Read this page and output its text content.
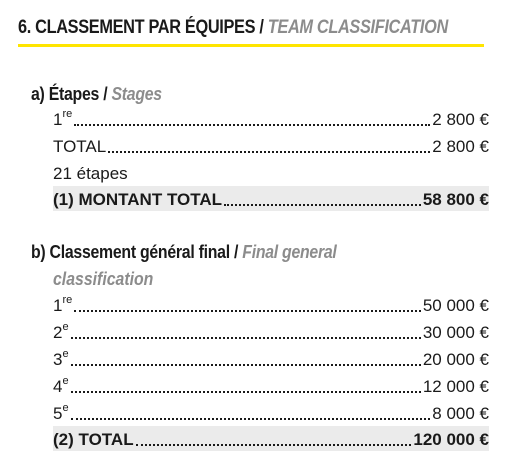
6. CLASSEMENT PAR ÉQUIPES / TEAM CLASSIFICATION
a) Étapes / Stages
1re	2 800 €
TOTAL	2 800 €
21 étapes
(1) MONTANT TOTAL	58 800 €
b) Classement général final / Final general
classification
1re	50 000 €
2e	30 000 €
3e	20 000 €
4e	12 000 €
5e	8 000 €
(2) TOTAL	120 000 €
